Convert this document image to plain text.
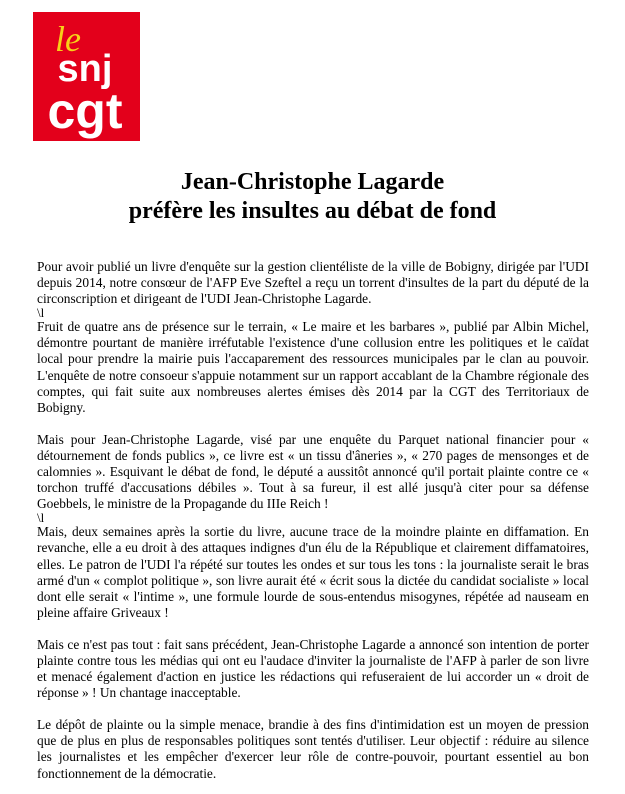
le
snj
cgt
Jean-Christophe Lagarde
préfère les insultes au débat de fond

Pour avoir publié un livre d'enquête sur la gestion clientéliste de la ville de Bobigny, dirigée par l'UDI depuis 2014, notre consœur de l'AFP Eve Szeftel a reçu un torrent d'insultes de la part du député de la circonscription et dirigeant de l'UDI Jean-Christophe Lagarde.

\l

Fruit de quatre ans de présence sur le terrain, « Le maire et les barbares », publié par Albin Michel, démontre pourtant de manière irréfutable l'existence d'une collusion entre les politiques et le caïdat local pour prendre la mairie puis l'accaparement des ressources municipales par le clan au pouvoir. L'enquête de notre consoeur s'appuie notamment sur un rapport accablant de la Chambre régionale des comptes, qui fait suite aux nombreuses alertes émises dès 2014 par la CGT des Territoriaux de Bobigny.

Mais pour Jean-Christophe Lagarde, visé par une enquête du Parquet national financier pour « détournement de fonds publics », ce livre est « un tissu d'âneries », « 270 pages de mensonges et de calomnies ». Esquivant le débat de fond, le député a aussitôt annoncé qu'il portait plainte contre ce « torchon truffé d'accusations débiles ». Tout à sa fureur, il est allé jusqu'à citer pour sa défense Goebbels, le ministre de la Propagande du IIIe Reich !

\l

Mais, deux semaines après la sortie du livre, aucune trace de la moindre plainte en diffamation. En revanche, elle a eu droit à des attaques indignes d'un élu de la République et clairement diffamatoires, elles. Le patron de l'UDI l'a répété sur toutes les ondes et sur tous les tons : la journaliste serait le bras armé d'un « complot politique », son livre aurait été « écrit sous la dictée du candidat socialiste » local dont elle serait « l'intime », une formule lourde de sous-entendus misogynes, répétée ad nauseam en pleine affaire Griveaux !

Mais ce n'est pas tout : fait sans précédent, Jean-Christophe Lagarde a annoncé son intention de porter plainte contre tous les médias qui ont eu l'audace d'inviter la journaliste de l'AFP à parler de son livre et menacé également d'action en justice les rédactions qui refuseraient de lui accorder un « droit de réponse » ! Un chantage inacceptable.

Le dépôt de plainte ou la simple menace, brandie à des fins d'intimidation est un moyen de pression que de plus en plus de responsables politiques sont tentés d'utiliser. Leur objectif : réduire au silence les journalistes et les empêcher d'exercer leur rôle de contre-pouvoir, pourtant essentiel au bon fonctionnement de la démocratie.
